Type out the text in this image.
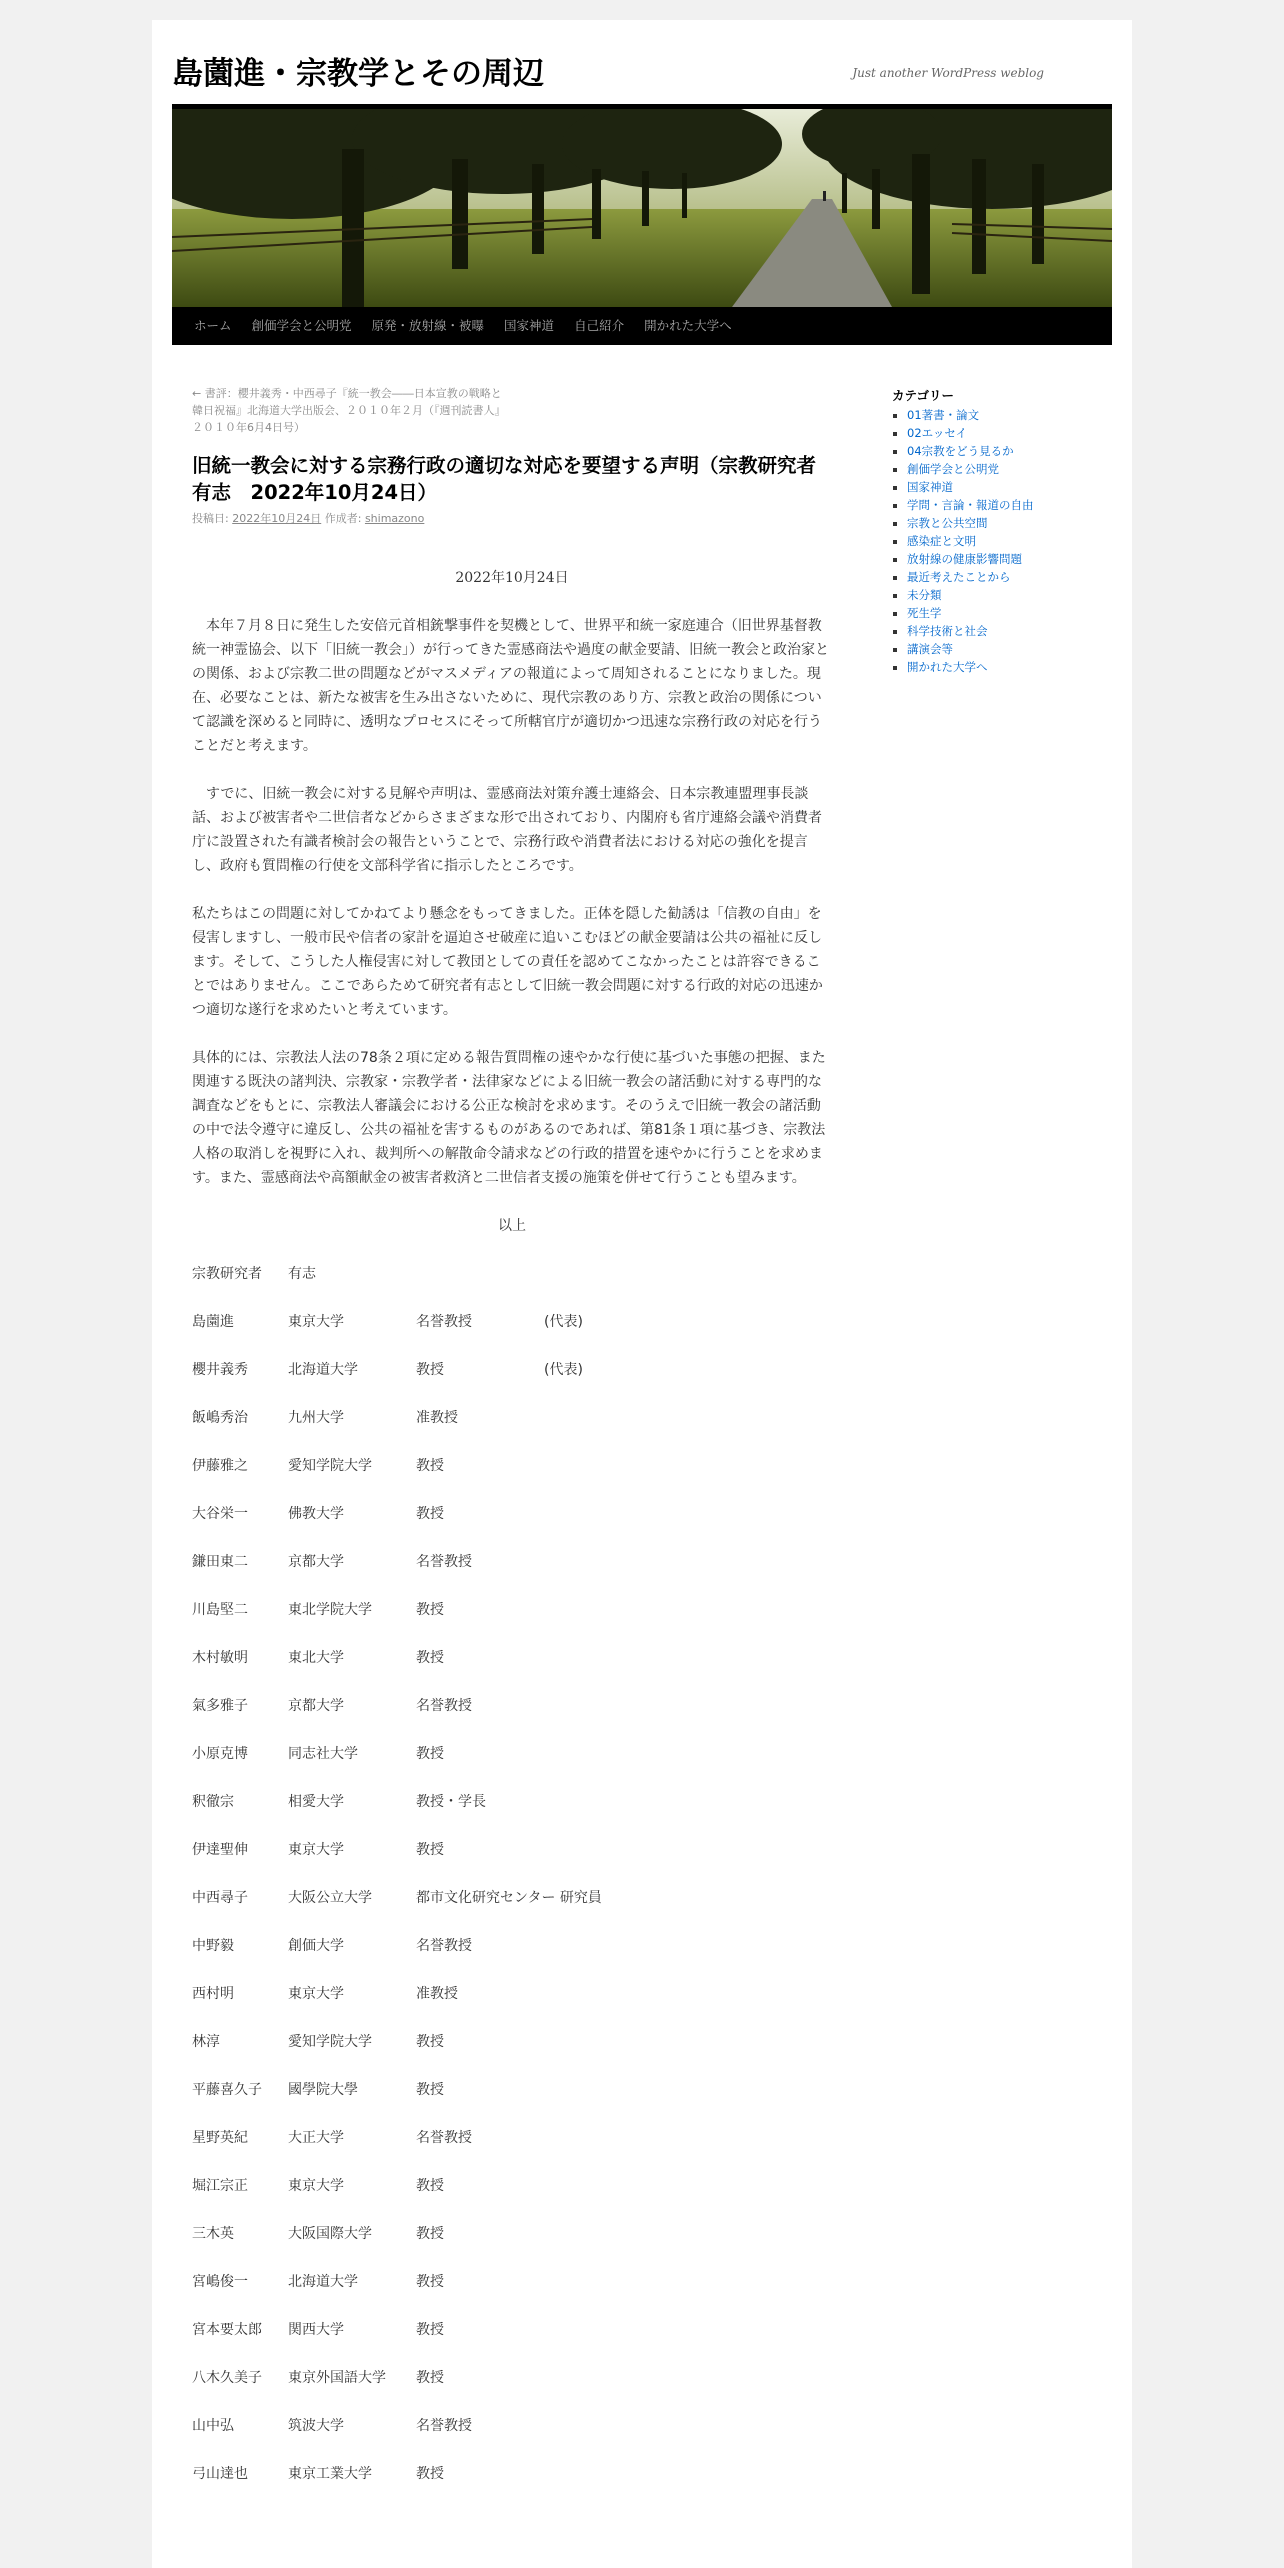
島薗進・宗教学とその周辺	Just another WordPress weblog
ホーム	創価学会と公明党	原発・放射線・被曝	国家神道	自己紹介	開かれた大学へ
← 書評：櫻井義秀・中西尋子『統一教会――日本宣教の戦略と韓日祝福』北海道大学出版会、２０１０年２月（『週刊読書人』２０１０年6月4日号）
旧統一教会に対する宗務行政の適切な対応を要望する声明（宗教研究者有志　2022年10月24日）
投稿日: 2022年10月24日 作成者: shimazono

2022年10月24日

　本年７月８日に発生した安倍元首相銃撃事件を契機として、世界平和統一家庭連合（旧世界基督教統一神霊協会、以下「旧統一教会」）が行ってきた霊感商法や過度の献金要請、旧統一教会と政治家との関係、および宗教二世の問題などがマスメディアの報道によって周知されることになりました。現在、必要なことは、新たな被害を生み出さないために、現代宗教のあり方、宗教と政治の関係について認識を深めると同時に、透明なプロセスにそって所轄官庁が適切かつ迅速な宗務行政の対応を行うことだと考えます。

　すでに、旧統一教会に対する見解や声明は、霊感商法対策弁護士連絡会、日本宗教連盟理事長談話、および被害者や二世信者などからさまざまな形で出されており、内閣府も省庁連絡会議や消費者庁に設置された有識者検討会の報告ということで、宗務行政や消費者法における対応の強化を提言し、政府も質問権の行使を文部科学省に指示したところです。

私たちはこの問題に対してかねてより懸念をもってきました。正体を隠した勧誘は「信教の自由」を侵害しますし、一般市民や信者の家計を逼迫させ破産に追いこむほどの献金要請は公共の福祉に反します。そして、こうした人権侵害に対して教団としての責任を認めてこなかったことは許容できることではありません。ここであらためて研究者有志として旧統一教会問題に対する行政的対応の迅速かつ適切な遂行を求めたいと考えています。

具体的には、宗教法人法の78条２項に定める報告質問権の速やかな行使に基づいた事態の把握、また関連する既決の諸判決、宗教家・宗教学者・法律家などによる旧統一教会の諸活動に対する専門的な調査などをもとに、宗教法人審議会における公正な検討を求めます。そのうえで旧統一教会の諸活動の中で法令遵守に違反し、公共の福祉を害するものがあるのであれば、第81条１項に基づき、宗教法人格の取消しを視野に入れ、裁判所への解散命令請求などの行政的措置を速やかに行うことを求めます。また、霊感商法や高額献金の被害者救済と二世信者支援の施策を併せて行うことも望みます。

以上

宗教研究者	有志
島薗進	東京大学	名誉教授	(代表)
櫻井義秀	北海道大学	教授	(代表)
飯嶋秀治	九州大学	准教授
伊藤雅之	愛知学院大学	教授
大谷栄一	佛教大学	教授
鎌田東二	京都大学	名誉教授
川島堅二	東北学院大学	教授
木村敏明	東北大学	教授
氣多雅子	京都大学	名誉教授
小原克博	同志社大学	教授
釈徹宗	相愛大学	教授・学長
伊達聖伸	東京大学	教授
中西尋子	大阪公立大学	都市文化研究センター 研究員
中野毅	創価大学	名誉教授
西村明	東京大学	准教授
林淳	愛知学院大学	教授
平藤喜久子	國學院大學	教授
星野英紀	大正大学	名誉教授
堀江宗正	東京大学	教授
三木英	大阪国際大学	教授
宮嶋俊一	北海道大学	教授
宮本要太郎	関西大学	教授
八木久美子	東京外国語大学	教授
山中弘	筑波大学	名誉教授
弓山達也	東京工業大学	教授
カテゴリー
▪ 01著書・論文
▪ 02エッセイ
▪ 04宗教をどう見るか
▪ 創価学会と公明党
▪ 国家神道
▪ 学問・言論・報道の自由
▪ 宗教と公共空間
▪ 感染症と文明
▪ 放射線の健康影響問題
▪ 最近考えたことから
▪ 未分類
▪ 死生学
▪ 科学技術と社会
▪ 講演会等
▪ 開かれた大学へ
